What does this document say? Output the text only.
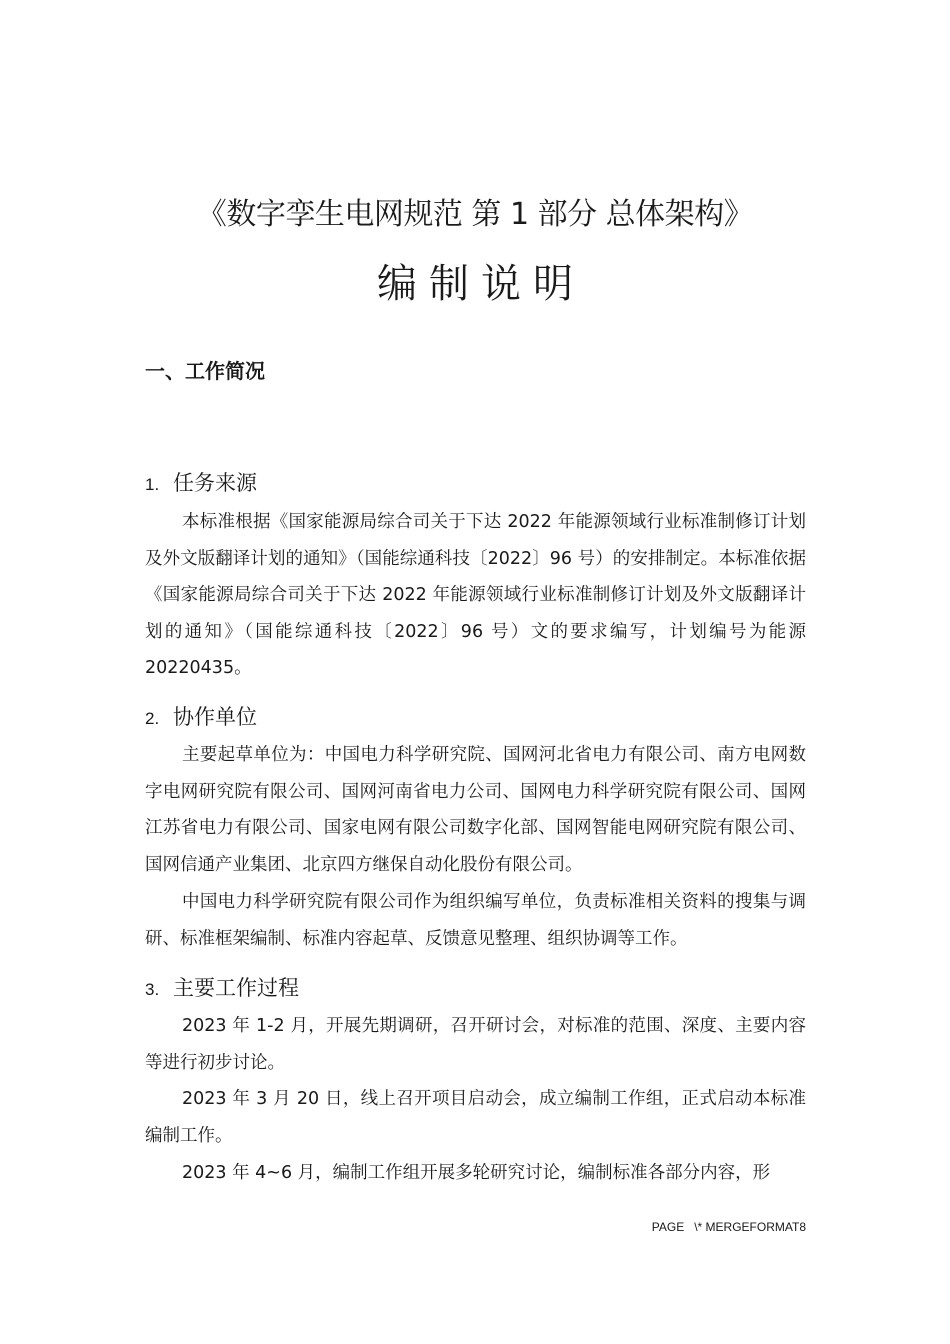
《数字孪生电网规范 第 1 部分 总体架构》
编制说明
一、工作简况
1. 任务来源
本标准根据《国家能源局综合司关于下达 2022 年能源领域行业标准制修订计划及外文版翻译计划的通知》（国能综通科技〔2022〕96 号）的安排制定。本标准依据《国家能源局综合司关于下达 2022 年能源领域行业标准制修订计划及外文版翻译计划的通知》（国能综通科技〔2022〕96 号）文的要求编写，计划编号为能源 20220435。
2. 协作单位
主要起草单位为：中国电力科学研究院、国网河北省电力有限公司、南方电网数字电网研究院有限公司、国网河南省电力公司、国网电力科学研究院有限公司、国网江苏省电力有限公司、国家电网有限公司数字化部、国网智能电网研究院有限公司、国网信通产业集团、北京四方继保自动化股份有限公司。
中国电力科学研究院有限公司作为组织编写单位，负责标准相关资料的搜集与调研、标准框架编制、标准内容起草、反馈意见整理、组织协调等工作。
3. 主要工作过程
2023 年 1-2 月，开展先期调研，召开研讨会，对标准的范围、深度、主要内容等进行初步讨论。
2023 年 3 月 20 日，线上召开项目启动会，成立编制工作组，正式启动本标准编制工作。
2023 年 4~6 月，编制工作组开展多轮研究讨论，编制标准各部分内容，形
PAGE   \* MERGEFORMAT8
